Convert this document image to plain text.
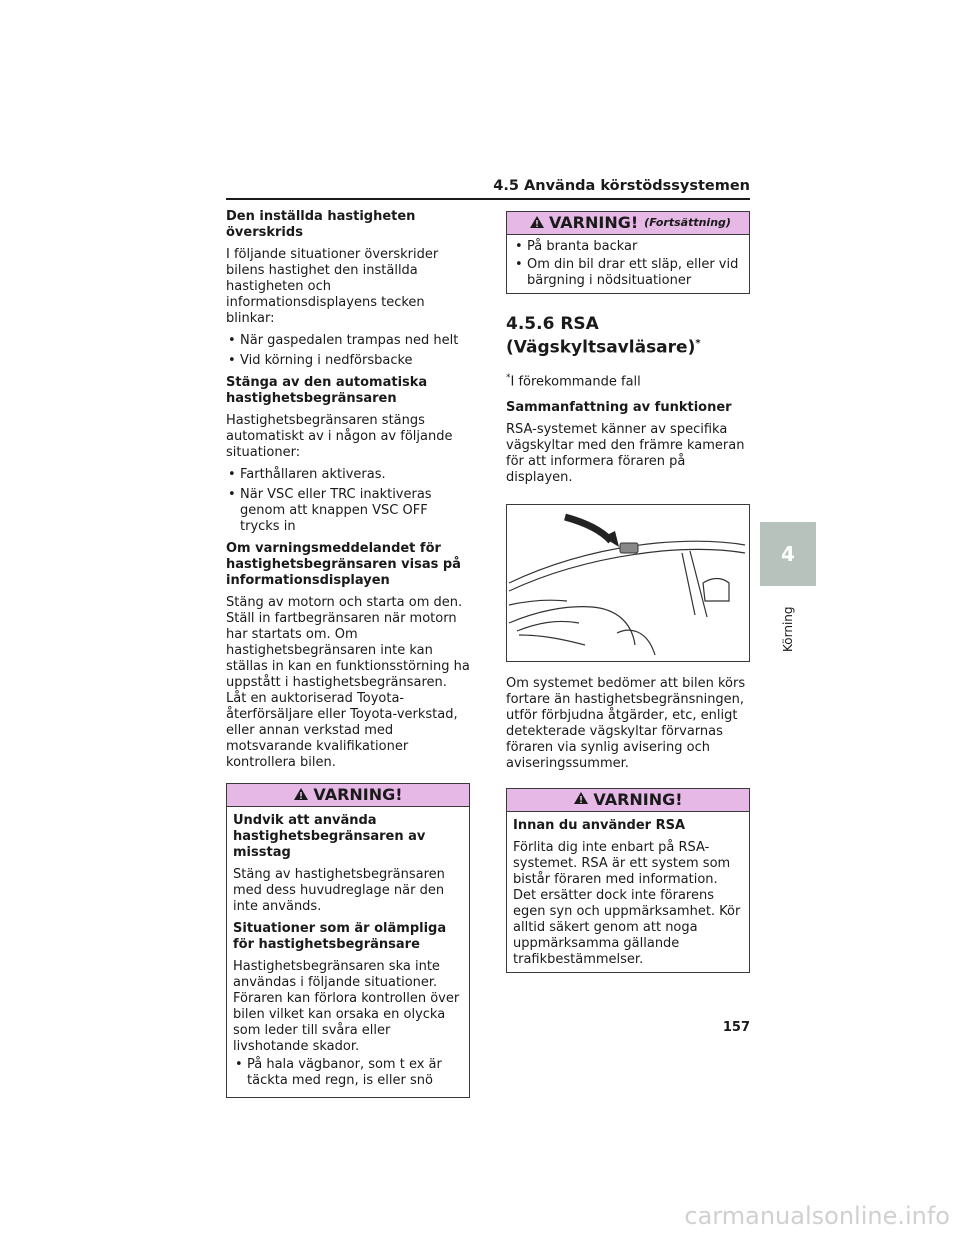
4.5 Använda körstödssystemen
Den inställda hastigheten överskrids

I följande situationer överskrider bilens hastighet den inställda hastigheten och informationsdisplayens tecken blinkar:

• När gaspedalen trampas ned helt
• Vid körning i nedförsbacke
Stänga av den automatiska hastighetsbegränsaren

Hastighetsbegränsaren stängs automatiskt av i någon av följande situationer:

• Farthållaren aktiveras.
• När VSC eller TRC inaktiveras genom att knappen VSC OFF trycks in
Om varningsmeddelandet för hastighetsbegränsaren visas på informationsdisplayen

Stäng av motorn och starta om den. Ställ in fartbegränsaren när motorn har startats om. Om hastighetsbegränsaren inte kan ställas in kan en funktionsstörning ha uppstått i hastighetsbegränsaren. Låt en auktoriserad Toyota-återförsäljare eller Toyota-verkstad, eller annan verkstad med motsvarande kvalifikationer kontrollera bilen.

VARNING!
Undvik att använda hastighetsbegränsaren av misstag

Stäng av hastighetsbegränsaren med dess huvudreglage när den inte används.

Situationer som är olämpliga för hastighetsbegränsare

Hastighetsbegränsaren ska inte användas i följande situationer. Föraren kan förlora kontrollen över bilen vilket kan orsaka en olycka som leder till svåra eller livshotande skador.

• På hala vägbanor, som t ex är täckta med regn, is eller snö
VARNING! (Fortsättning)
• På branta backar
• Om din bil drar ett släp, eller vid bärgning i nödsituationer
4.5.6 RSA (Vägskyltsavläsare)*

*I förekommande fall

Sammanfattning av funktioner

RSA-systemet känner av specifika vägskyltar med den främre kameran för att informera föraren på displayen.

Om systemet bedömer att bilen körs fortare än hastighetsbegränsningen, utför förbjudna åtgärder, etc, enligt detekterade vägskyltar förvarnas föraren via synlig avisering och aviseringssummer.

VARNING!
Innan du använder RSA

Förlita dig inte enbart på RSA-systemet. RSA är ett system som bistår föraren med information. Det ersätter dock inte förarens egen syn och uppmärksamhet. Kör alltid säkert genom att noga uppmärksamma gällande trafikbestämmelser.

4
Körning
157
carmanualsonline.info
